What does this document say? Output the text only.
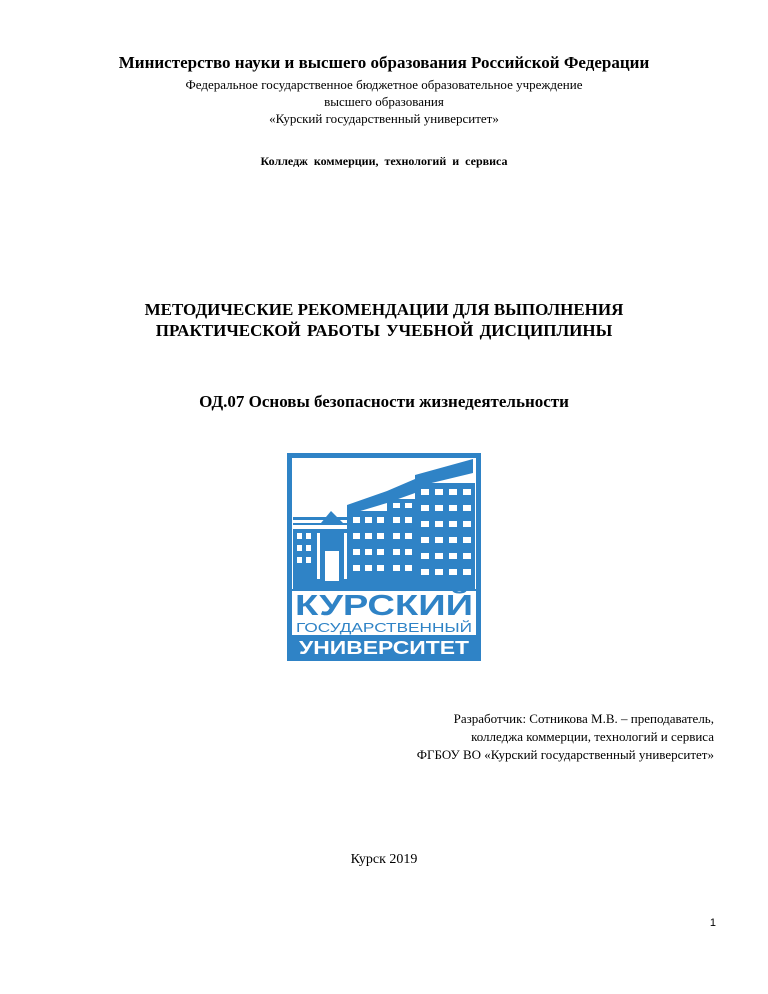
Министерство науки и высшего образования Российской Федерации
Федеральное государственное бюджетное образовательное учреждение
высшего образования
«Курский государственный университет»
Колледж коммерции, технологий и сервиса
МЕТОДИЧЕСКИЕ РЕКОМЕНДАЦИИ ДЛЯ ВЫПОЛНЕНИЯ
ПРАКТИЧЕСКОЙ РАБОТЫ УЧЕБНОЙ ДИСЦИПЛИНЫ
ОД.07 Основы безопасности жизнедеятельности
КУРСКИЙ
ГОСУДАРСТВЕННЫЙ
УНИВЕРСИТЕТ
Разработчик: Сотникова М.В. – преподаватель,
колледжа коммерции, технологий и сервиса
ФГБОУ ВО «Курский государственный университет»
Курск 2019
1
